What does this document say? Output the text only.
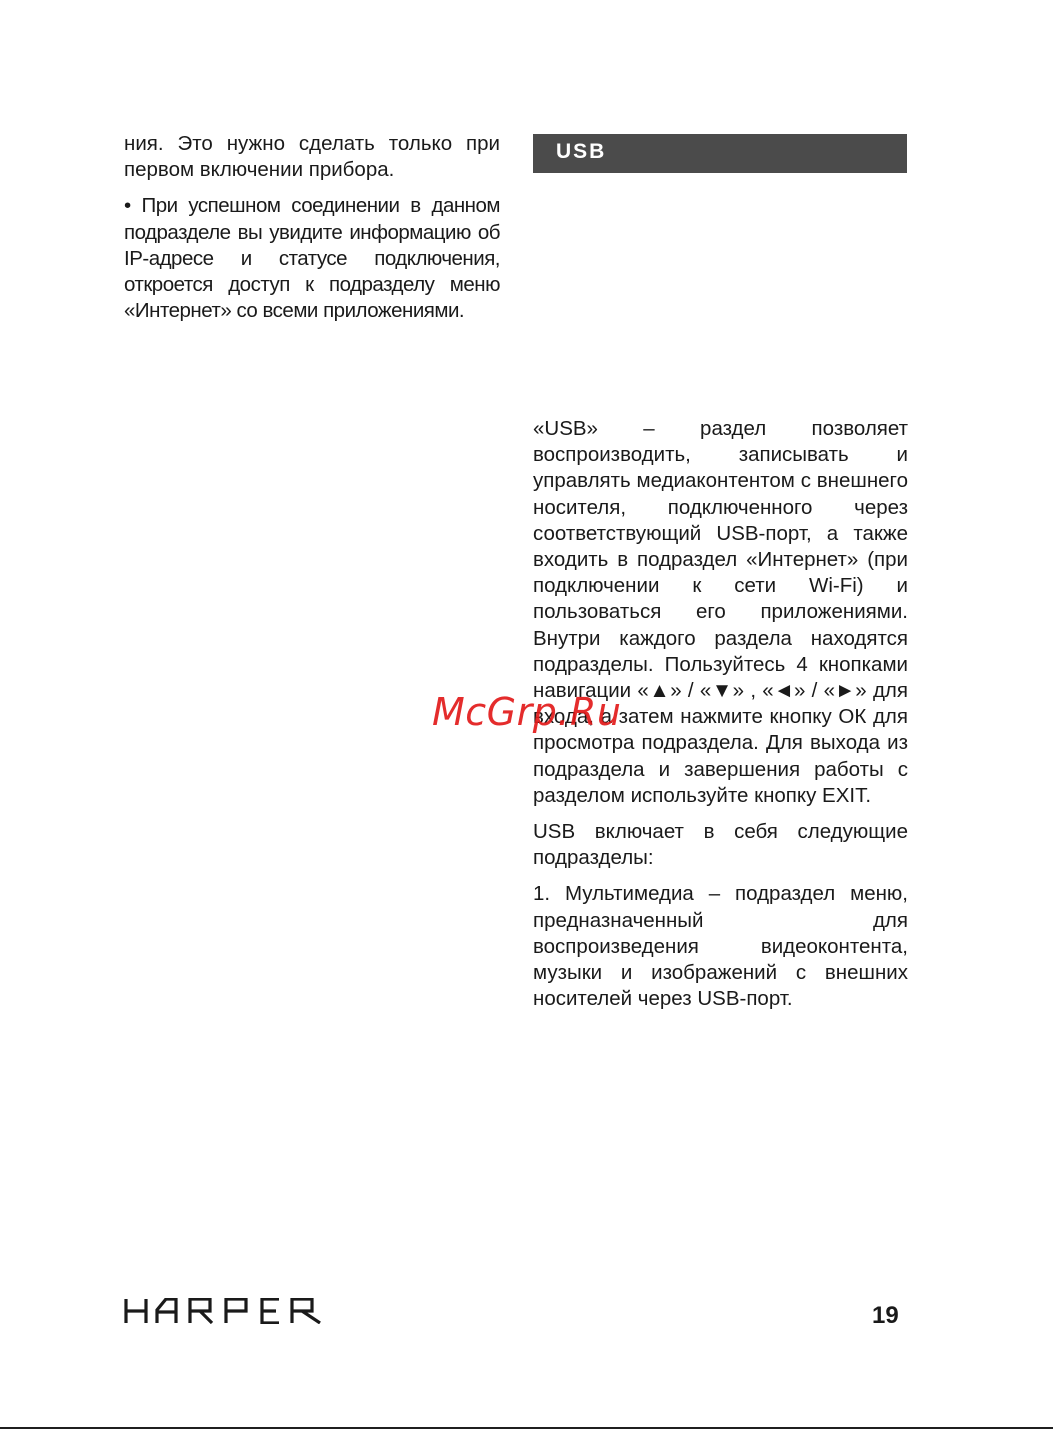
ния. Это нужно сделать только при первом включении прибора.

• При успешном соединении в данном подразделе вы увидите информацию об IP-адресе и статусе подключения, откроется доступ к подразделу меню «Интернет» со всеми приложениями.

USB

«USB» – раздел позволяет воспроизводить, записывать и управлять медиаконтентом с внешнего носителя, подключенного через соответствующий USB-порт, а также входить в подраздел «Интернет» (при подключении к сети Wi-Fi) и пользоваться его приложениями. Внутри каждого раздела находятся подразделы. Пользуйтесь 4 кнопками навигации «▲» / «▼» , «◄» / «►» для входа, а затем нажмите кнопку ОК для просмотра подраздела. Для выхода из подраздела и завершения работы с разделом используйте кнопку EXIT.

USB включает в себя следующие подразделы:

1. Мультимедиа – подраздел меню, предназначенный для воспроизведения видеоконтента, музыки и изображений с внешних носителей через USB-порт.

McGrp.Ru
19
